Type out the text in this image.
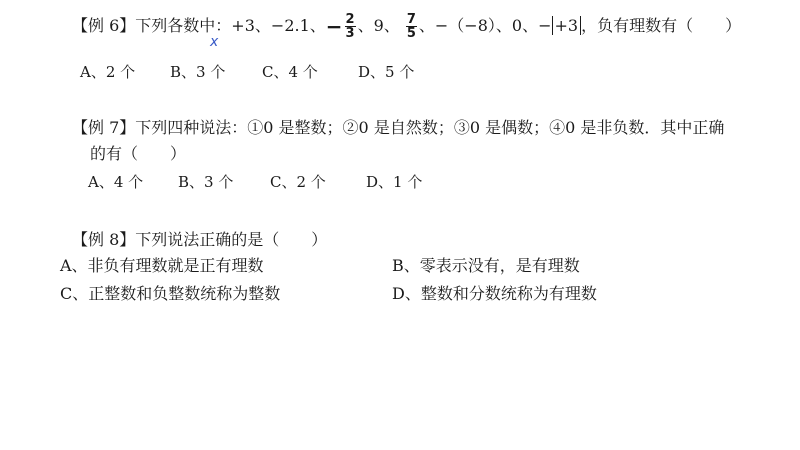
【例 6】下列各数中：+3、−2.1、− $\frac{2}{3}$ 、9、 $\frac{7}{5}$ 、−（−8）、0、− +3 ，负有理数有（　　）
x
A、2 个 B、3 个 C、4 个	D、5 个
【例 7】下列四种说法：①0 是整数；②0 是自然数；③0 是偶数；④0 是非负数．其中正确
的有（　　）
A、4 个 B、3 个 C、2 个	D、1 个
【例 8】下列说法正确的是（　　）
A、非负有理数就是正有理数	B、零表示没有，是有理数
C、正整数和负整数统称为整数	D、整数和分数统称为有理数
